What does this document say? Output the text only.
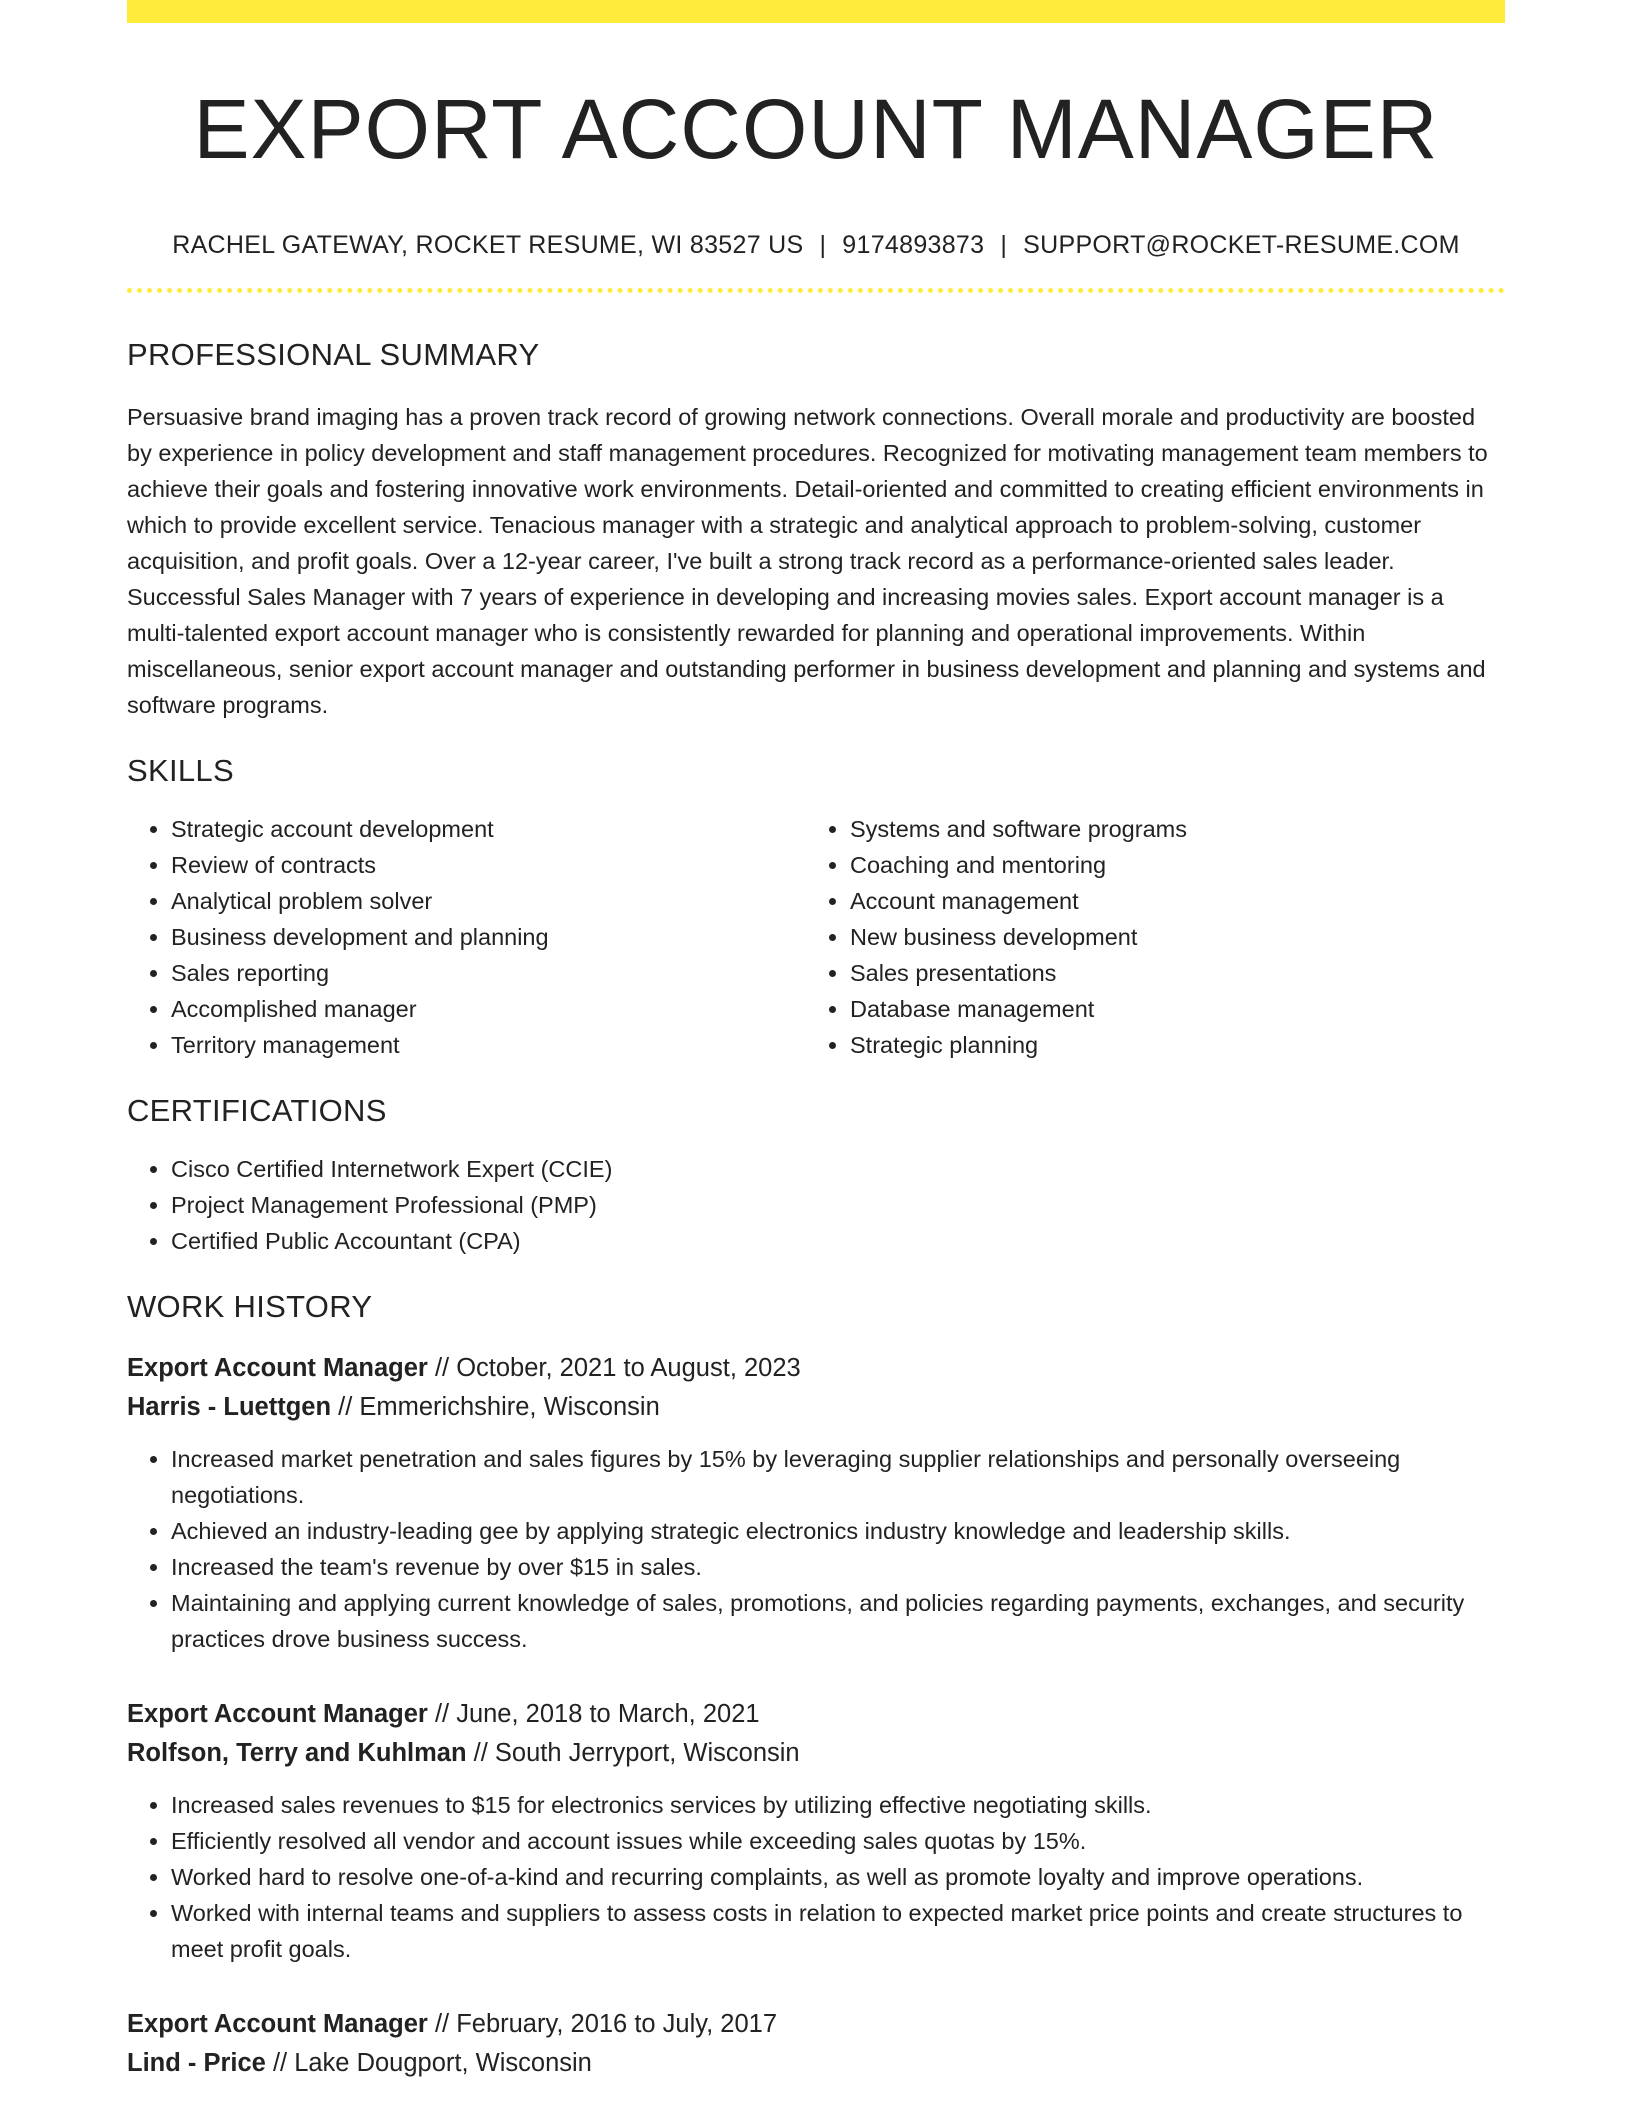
EXPORT ACCOUNT MANAGER
RACHEL GATEWAY, ROCKET RESUME, WI 83527 US | 9174893873 | SUPPORT@ROCKET-RESUME.COM
PROFESSIONAL SUMMARY

Persuasive brand imaging has a proven track record of growing network connections. Overall morale and productivity are boosted by experience in policy development and staff management procedures. Recognized for motivating management team members to achieve their goals and fostering innovative work environments. Detail-oriented and committed to creating efficient environments in which to provide excellent service. Tenacious manager with a strategic and analytical approach to problem-solving, customer acquisition, and profit goals. Over a 12-year career, I've built a strong track record as a performance-oriented sales leader. Successful Sales Manager with 7 years of experience in developing and increasing movies sales. Export account manager is a multi-talented export account manager who is consistently rewarded for planning and operational improvements. Within miscellaneous, senior export account manager and outstanding performer in business development and planning and systems and software programs.

SKILLS
• Strategic account development
• Review of contracts
• Analytical problem solver
• Business development and planning
• Sales reporting
• Accomplished manager
• Territory management
• Systems and software programs
• Coaching and mentoring
• Account management
• New business development
• Sales presentations
• Database management
• Strategic planning
CERTIFICATIONS
• Cisco Certified Internetwork Expert (CCIE)
• Project Management Professional (PMP)
• Certified Public Accountant (CPA)
WORK HISTORY
Export Account Manager // October, 2021 to August, 2023
Harris - Luettgen // Emmerichshire, Wisconsin
• Increased market penetration and sales figures by 15% by leveraging supplier relationships and personally overseeing negotiations.
• Achieved an industry-leading gee by applying strategic electronics industry knowledge and leadership skills.
• Increased the team's revenue by over $15 in sales.
• Maintaining and applying current knowledge of sales, promotions, and policies regarding payments, exchanges, and security practices drove business success.
Export Account Manager // June, 2018 to March, 2021
Rolfson, Terry and Kuhlman // South Jerryport, Wisconsin
• Increased sales revenues to $15 for electronics services by utilizing effective negotiating skills.
• Efficiently resolved all vendor and account issues while exceeding sales quotas by 15%.
• Worked hard to resolve one-of-a-kind and recurring complaints, as well as promote loyalty and improve operations.
• Worked with internal teams and suppliers to assess costs in relation to expected market price points and create structures to meet profit goals.
Export Account Manager // February, 2016 to July, 2017
Lind - Price // Lake Dougport, Wisconsin
